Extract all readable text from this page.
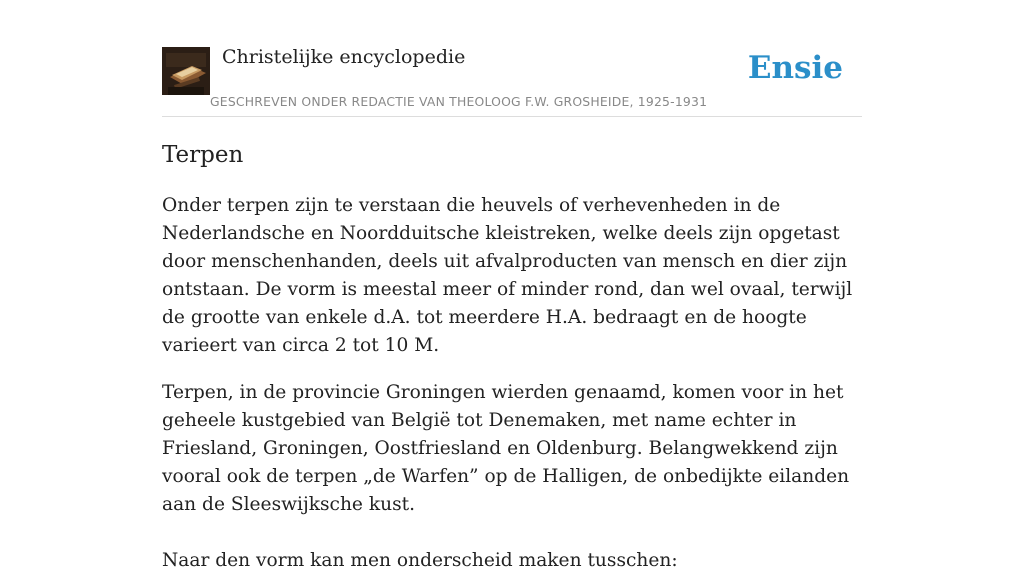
Christelijke encyclopedie
GESCHREVEN ONDER REDACTIE VAN THEOLOOG F.W. GROSHEIDE, 1925-1931
Ensie
Terpen

Onder terpen zijn te verstaan die heuvels of verhevenheden in de Nederlandsche en Noordduitsche kleistreken, welke deels zijn opgetast door menschenhanden, deels uit afvalproducten van mensch en dier zijn ontstaan. De vorm is meestal meer of minder rond, dan wel ovaal, terwijl de grootte van enkele d.A. tot meerdere H.A. bedraagt en de hoogte varieert van circa 2 tot 10 M.

Terpen, in de provincie Groningen wierden genaamd, komen voor in het geheele kustgebied van België tot Denemaken, met name echter in Friesland, Groningen, Oostfriesland en Oldenburg. Belangwekkend zijn vooral ook de terpen „de Warfen” op de Halligen, de onbedijkte eilanden aan de Sleeswijksche kust.

Naar den vorm kan men onderscheid maken tusschen:
